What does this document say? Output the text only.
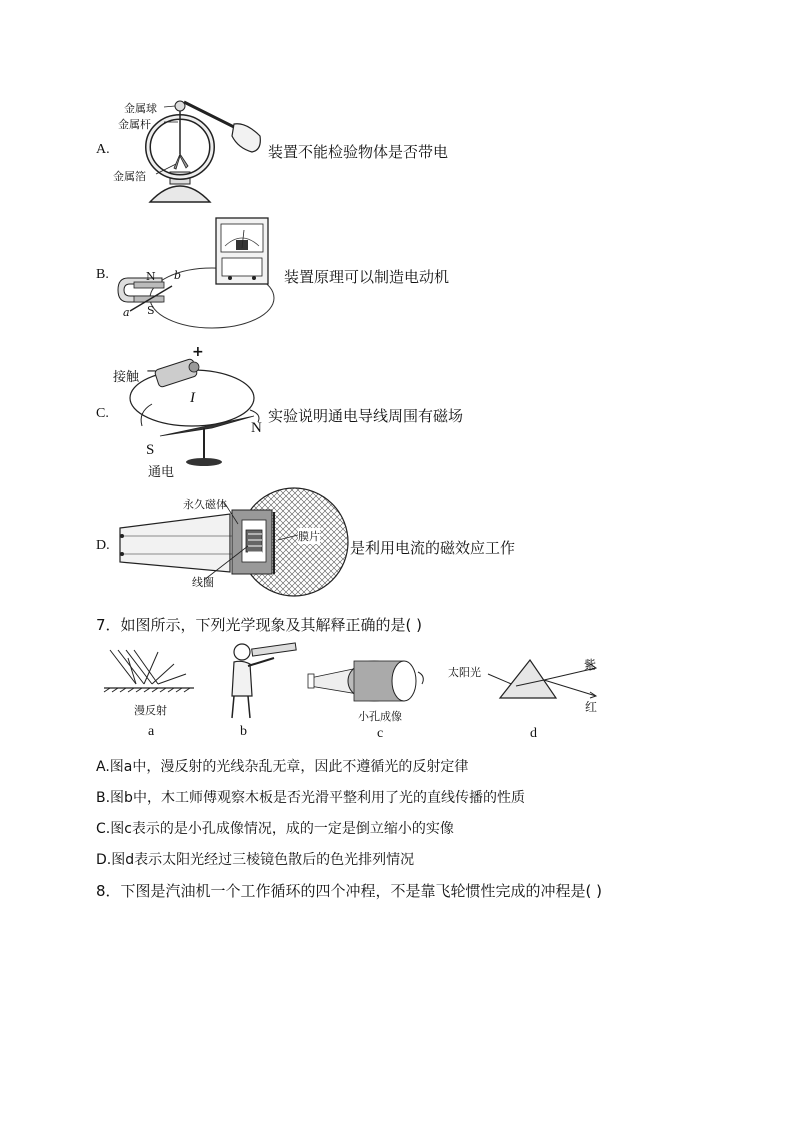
A.
金属球
金属杆
金属箔
装置不能检验物体是否带电
B.	N
S
a
b	装置原理可以制造电动机
C.
接触
+
−
I
S
N
通电
实验说明通电导线周围有磁场
D.
永久磁体
膜片
线圈
是利用电流的磁效应工作
7．如图所示，下列光学现象及其解释正确的是( )
漫反射
a	b
小孔成像
c
太阳光
紫
红
d
A.图a中，漫反射的光线杂乱无章，因此不遵循光的反射定律
B.图b中，木工师傅观察木板是否光滑平整利用了光的直线传播的性质
C.图c表示的是小孔成像情况，成的一定是倒立缩小的实像
D.图d表示太阳光经过三棱镜色散后的色光排列情况
8．下图是汽油机一个工作循环的四个冲程，不是靠飞轮惯性完成的冲程是( )
